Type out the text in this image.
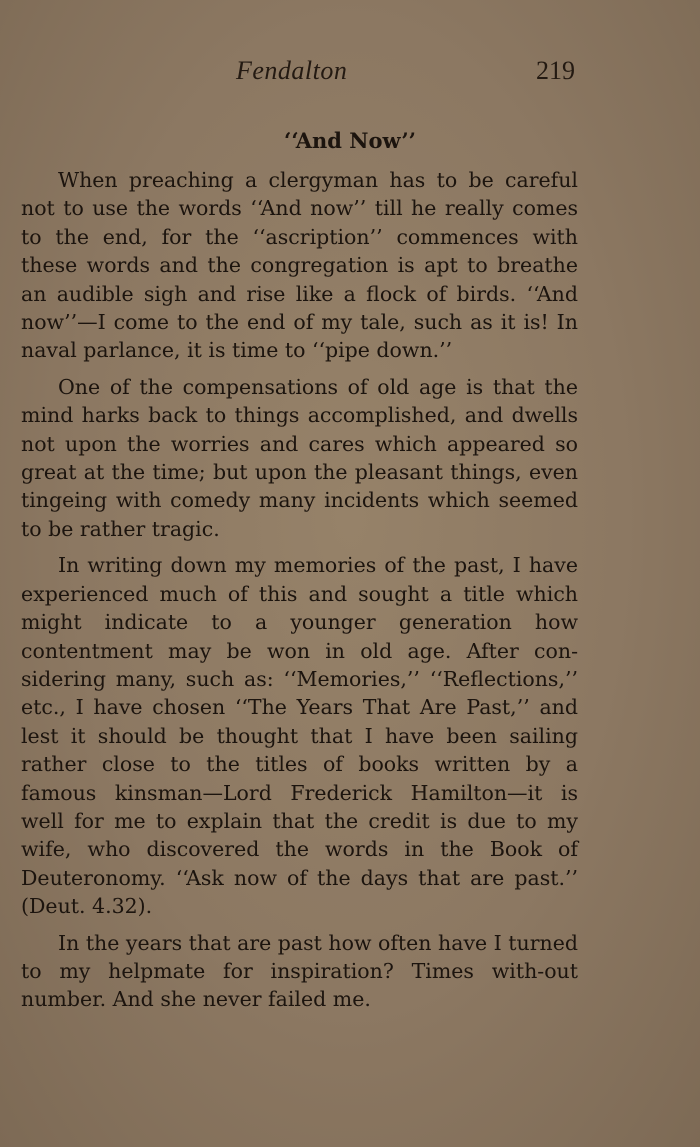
Fendalton	219
‘‘And Now’’

When preaching a clergyman has to be careful not to use the words ‘‘And now’’ till he really comes to the end, for the ‘‘ascription’’ commences with these words and the congregation is apt to breathe an audible sigh and rise like a flock of birds. ‘‘And now’’—I come to the end of my tale, such as it is! In naval parlance, it is time to ‘‘pipe down.’’

One of the compensations of old age is that the mind harks back to things accomplished, and dwells not upon the worries and cares which appeared so great at the time; but upon the pleasant things, even tingeing with comedy many incidents which seemed to be rather tragic.

In writing down my memories of the past, I have experienced much of this and sought a title which might indicate to a younger generation how contentment may be won in old age. After con-sidering many, such as: ‘‘Memories,’’ ‘‘Reflections,’’ etc., I have chosen ‘‘The Years That Are Past,’’ and lest it should be thought that I have been sailing rather close to the titles of books written by a famous kinsman—Lord Frederick Hamilton—it is well for me to explain that the credit is due to my wife, who discovered the words in the Book of Deuteronomy. ‘‘Ask now of the days that are past.’’ (Deut. 4.32).

In the years that are past how often have I turned to my helpmate for inspiration? Times with-out number. And she never failed me.
